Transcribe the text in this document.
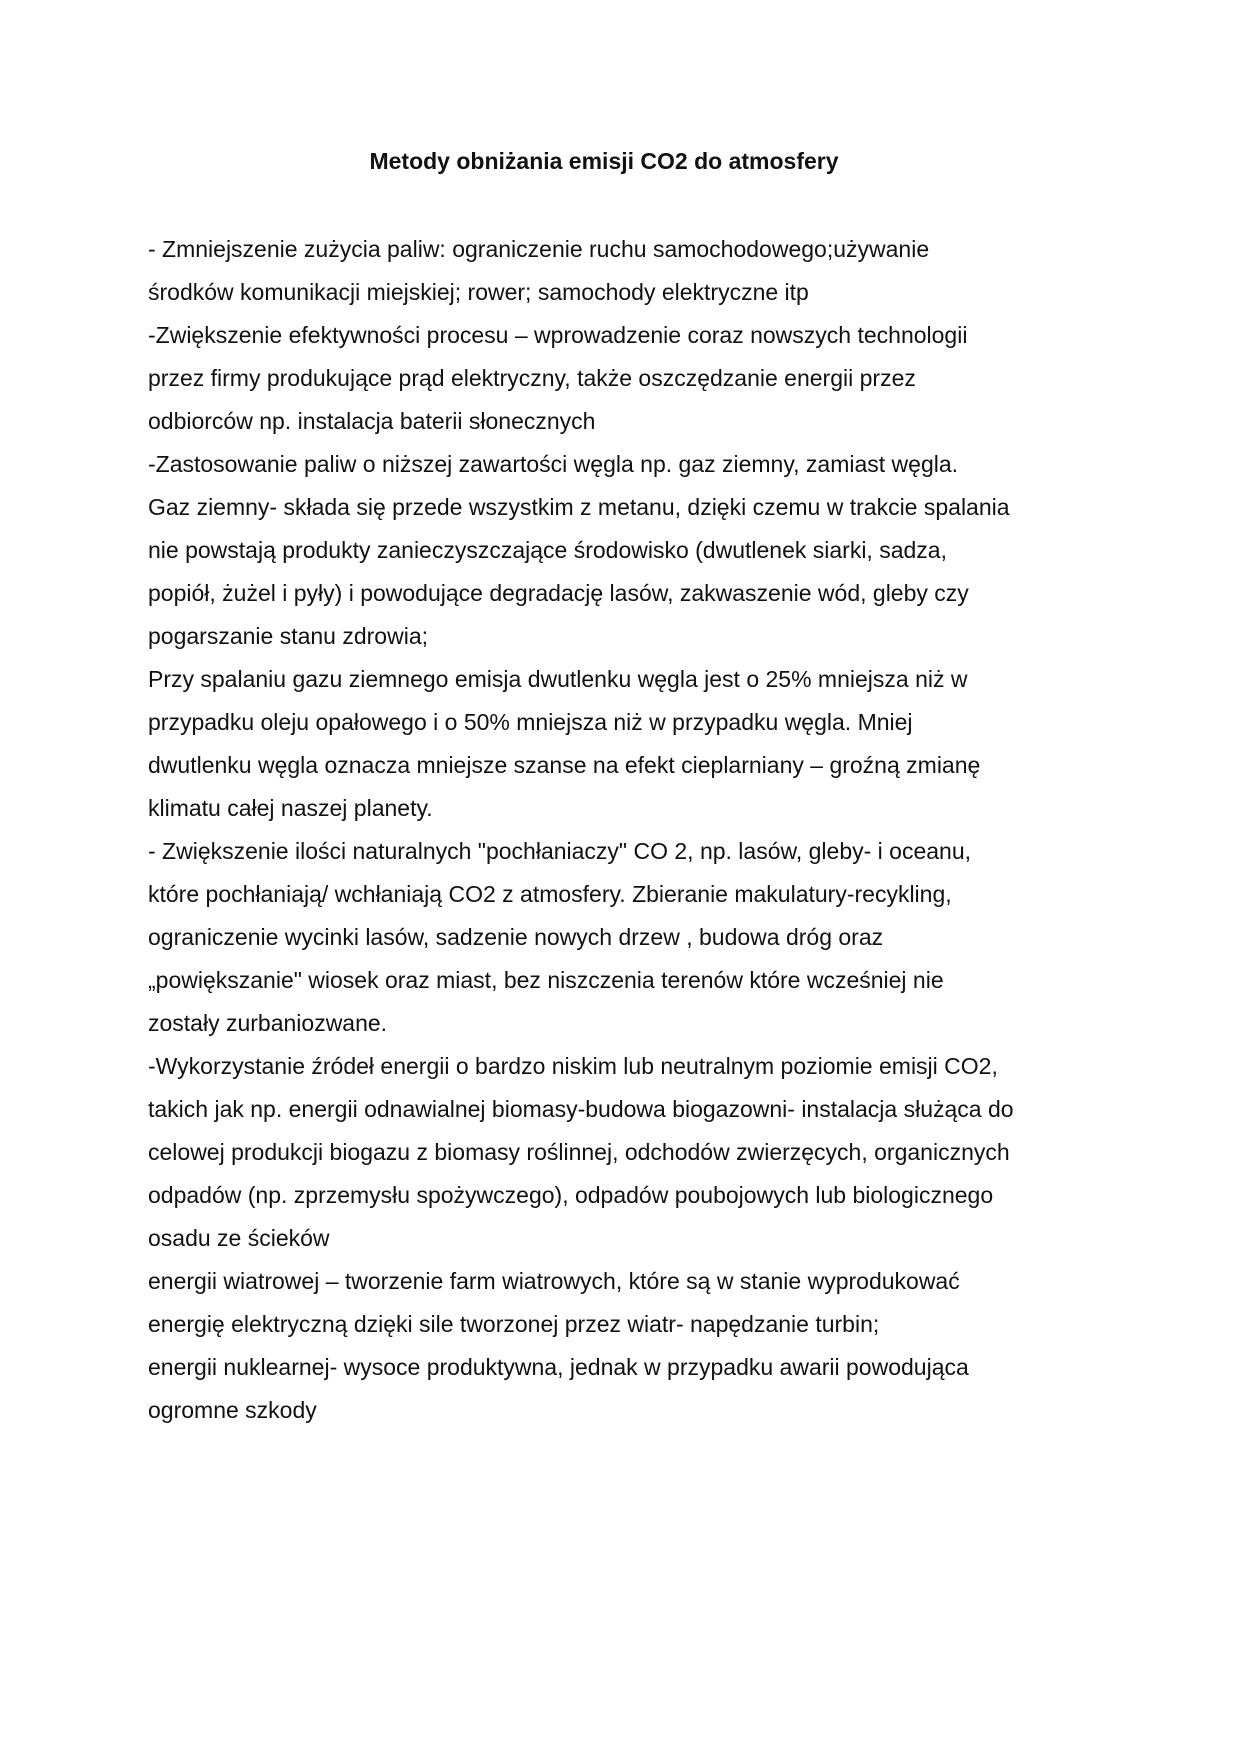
Metody obniżania emisji CO2 do atmosfery
- Zmniejszenie zużycia paliw: ograniczenie ruchu samochodowego;używanie
środków komunikacji miejskiej; rower; samochody elektryczne itp
-Zwiększenie efektywności procesu – wprowadzenie coraz nowszych technologii
przez firmy produkujące prąd elektryczny, także oszczędzanie energii przez
odbiorców np. instalacja baterii słonecznych
-Zastosowanie paliw o niższej zawartości węgla np. gaz ziemny, zamiast węgla.
Gaz ziemny- składa się przede wszystkim z metanu, dzięki czemu w trakcie spalania
nie powstają produkty zanieczyszczające środowisko (dwutlenek siarki, sadza,
popiół, żużel i pyły) i powodujące degradację lasów, zakwaszenie wód, gleby czy
pogarszanie stanu zdrowia;
Przy spalaniu gazu ziemnego emisja dwutlenku węgla jest o 25% mniejsza niż w
przypadku oleju opałowego i o 50% mniejsza niż w przypadku węgla. Mniej
dwutlenku węgla oznacza mniejsze szanse na efekt cieplarniany – groźną zmianę
klimatu całej naszej planety.
- Zwiększenie ilości naturalnych "pochłaniaczy" CO 2, np. lasów, gleby- i oceanu,
które pochłaniają/ wchłaniają CO2 z atmosfery. Zbieranie makulatury-recykling,
ograniczenie wycinki lasów, sadzenie nowych drzew , budowa dróg oraz
„powiększanie" wiosek oraz miast, bez niszczenia terenów które wcześniej nie
zostały zurbaniozwane.
-Wykorzystanie źródeł energii o bardzo niskim lub neutralnym poziomie emisji CO2,
takich jak np. energii odnawialnej biomasy-budowa biogazowni- instalacja służąca do
celowej produkcji biogazu z biomasy roślinnej, odchodów zwierzęcych, organicznych
odpadów (np. zprzemysłu spożywczego), odpadów poubojowych lub biologicznego
osadu ze ścieków
energii wiatrowej – tworzenie farm wiatrowych, które są w stanie wyprodukować
energię elektryczną dzięki sile tworzonej przez wiatr- napędzanie turbin;
energii nuklearnej- wysoce produktywna, jednak w przypadku awarii powodująca
ogromne szkody
